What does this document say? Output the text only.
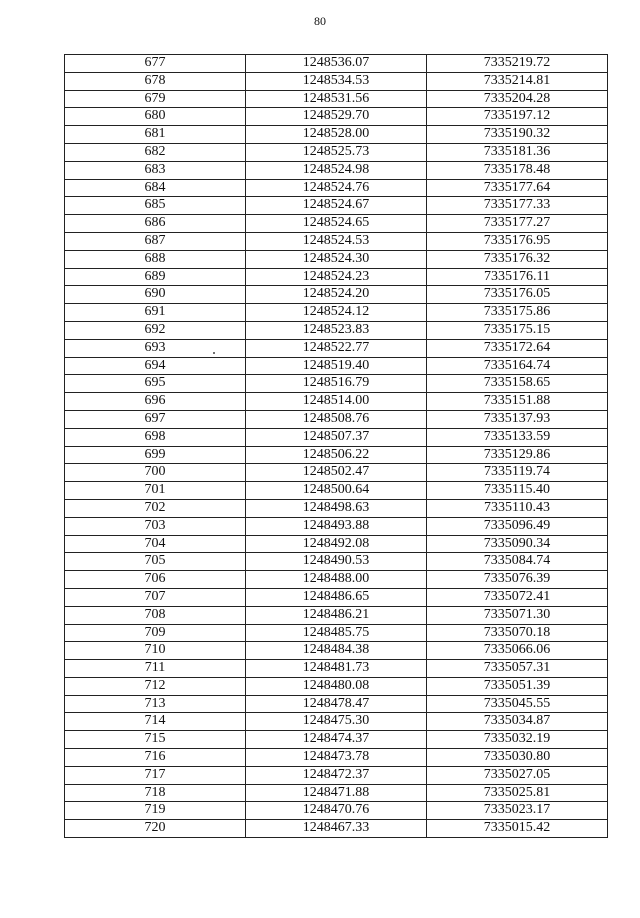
80
677	1248536.07	7335219.72
678	1248534.53	7335214.81
679	1248531.56	7335204.28
680	1248529.70	7335197.12
681	1248528.00	7335190.32
682	1248525.73	7335181.36
683	1248524.98	7335178.48
684	1248524.76	7335177.64
685	1248524.67	7335177.33
686	1248524.65	7335177.27
687	1248524.53	7335176.95
688	1248524.30	7335176.32
689	1248524.23	7335176.11
690	1248524.20	7335176.05
691	1248524.12	7335175.86
692	1248523.83	7335175.15
693	1248522.77	7335172.64
694	1248519.40	7335164.74
695	1248516.79	7335158.65
696	1248514.00	7335151.88
697	1248508.76	7335137.93
698	1248507.37	7335133.59
699	1248506.22	7335129.86
700	1248502.47	7335119.74
701	1248500.64	7335115.40
702	1248498.63	7335110.43
703	1248493.88	7335096.49
704	1248492.08	7335090.34
705	1248490.53	7335084.74
706	1248488.00	7335076.39
707	1248486.65	7335072.41
708	1248486.21	7335071.30
709	1248485.75	7335070.18
710	1248484.38	7335066.06
711	1248481.73	7335057.31
712	1248480.08	7335051.39
713	1248478.47	7335045.55
714	1248475.30	7335034.87
715	1248474.37	7335032.19
716	1248473.78	7335030.80
717	1248472.37	7335027.05
718	1248471.88	7335025.81
719	1248470.76	7335023.17
720	1248467.33	7335015.42
